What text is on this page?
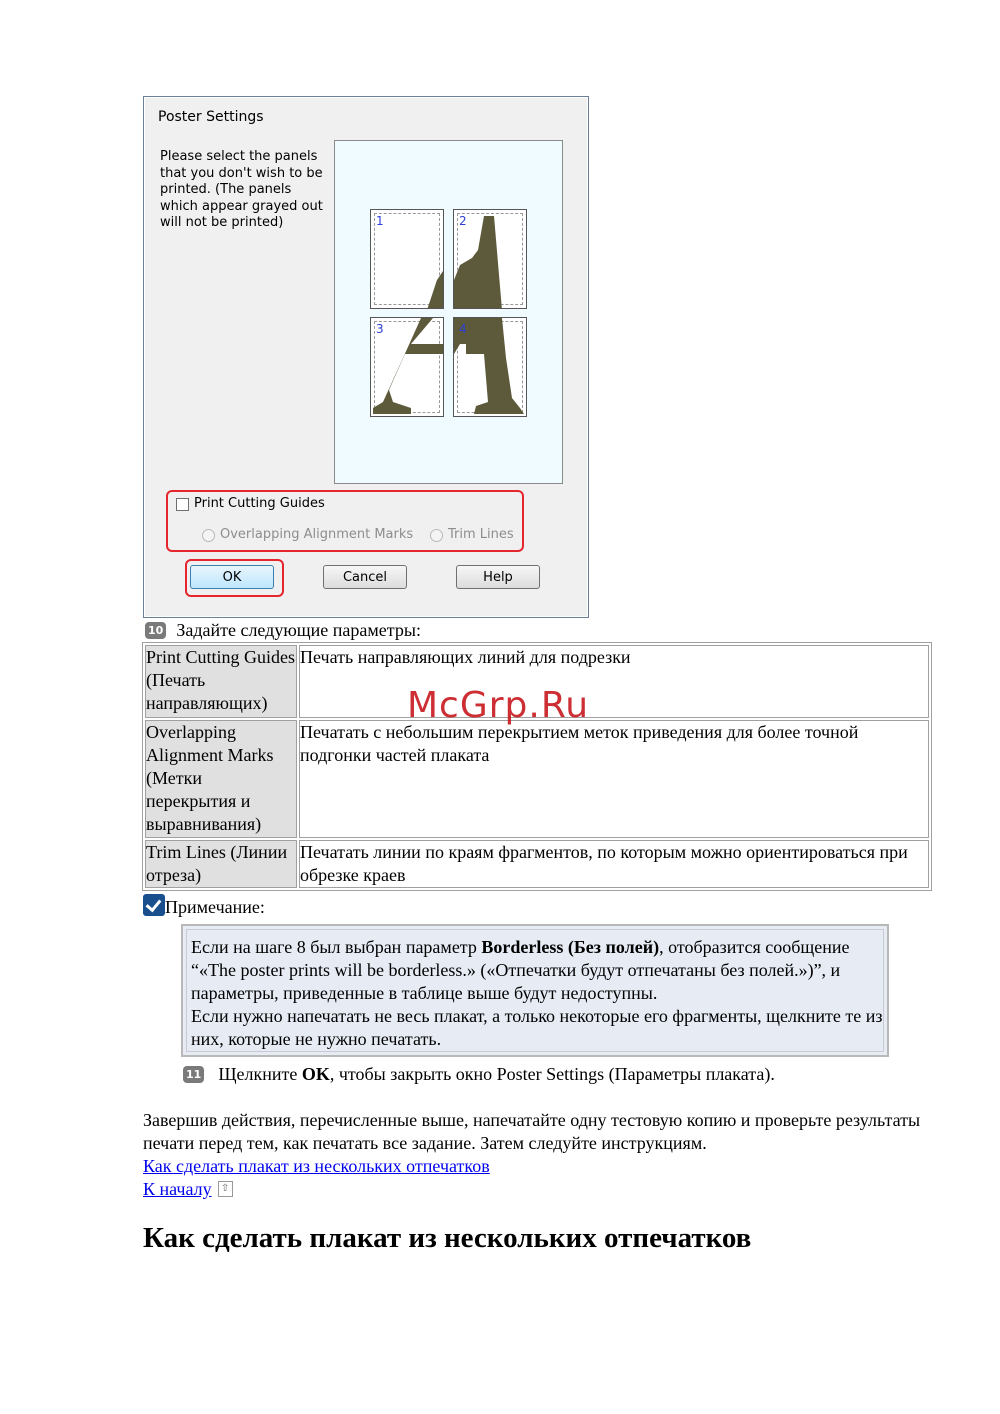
Poster Settings
Please select the panels that you don't wish to be printed. (The panels which appear grayed out will not be printed)	1	2
3	4
Print Cutting Guides
Overlapping Alignment Marks	Trim Lines
OK	Cancel	Help
10 Задайте следующие параметры:
Print Cutting Guides (Печать направляющих)	Печать направляющих линий для подрезки
Overlapping Alignment Marks (Метки перекрытия и выравнивания)	Печатать с небольшим перекрытием меток приведения для более точной подгонки частей плаката
Trim Lines (Линии отреза)	Печатать линии по краям фрагментов, по которым можно ориентироваться при обрезке краев
McGrp.Ru
Примечание:
Если на шаге 8 был выбран параметр Borderless (Без полей), отобразится сообщение “«The poster prints will be borderless.» («Отпечатки будут отпечатаны без полей.»)”, и параметры, приведенные в таблице выше будут недоступны.
Если нужно напечатать не весь плакат, а только некоторые его фрагменты, щелкните те из них, которые не нужно печатать.
11 Щелкните OK, чтобы закрыть окно Poster Settings (Параметры плаката).
Завершив действия, перечисленные выше, напечатайте одну тестовую копию и проверьте результаты печати перед тем, как печатать все задание. Затем следуйте инструкциям.
Как сделать плакат из нескольких отпечатков
К началу ⇧
Как сделать плакат из нескольких отпечатков
